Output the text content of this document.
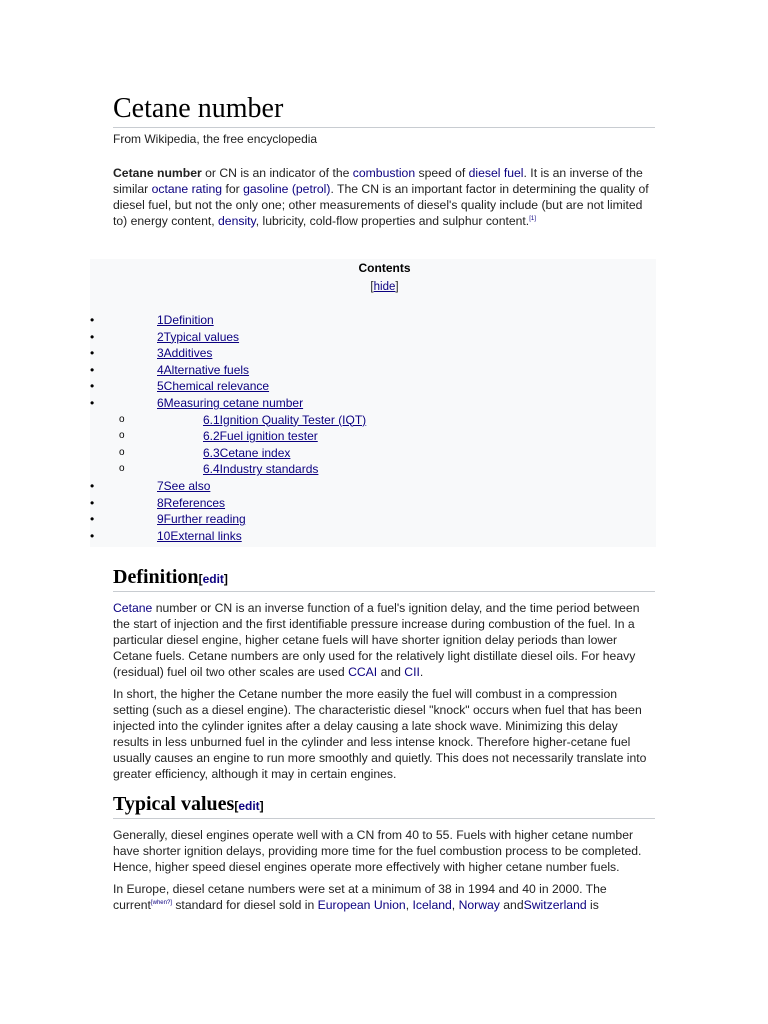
Cetane number
From Wikipedia, the free encyclopedia

Cetane number or CN is an indicator of the combustion speed of diesel fuel. It is an inverse of the similar octane rating for gasoline (petrol). The CN is an important factor in determining the quality of diesel fuel, but not the only one; other measurements of diesel's quality include (but are not limited to) energy content, density, lubricity, cold-flow properties and sulphur content.[1]

Contents
[hide]
•	1Definition
•	2Typical values
•	3Additives
•	4Alternative fuels
•	5Chemical relevance
•	6Measuring cetane number
o	6.1Ignition Quality Tester (IQT)
o	6.2Fuel ignition tester
o	6.3Cetane index
o	6.4Industry standards
•	7See also
•	8References
•	9Further reading
•	10External links
Definition[edit]

Cetane number or CN is an inverse function of a fuel's ignition delay, and the time period between the start of injection and the first identifiable pressure increase during combustion of the fuel. In a particular diesel engine, higher cetane fuels will have shorter ignition delay periods than lower Cetane fuels. Cetane numbers are only used for the relatively light distillate diesel oils. For heavy (residual) fuel oil two other scales are used CCAI and CII.

In short, the higher the Cetane number the more easily the fuel will combust in a compression setting (such as a diesel engine). The characteristic diesel "knock" occurs when fuel that has been injected into the cylinder ignites after a delay causing a late shock wave. Minimizing this delay results in less unburned fuel in the cylinder and less intense knock. Therefore higher-cetane fuel usually causes an engine to run more smoothly and quietly. This does not necessarily translate into greater efficiency, although it may in certain engines.

Typical values[edit]

Generally, diesel engines operate well with a CN from 40 to 55. Fuels with higher cetane number have shorter ignition delays, providing more time for the fuel combustion process to be completed. Hence, higher speed diesel engines operate more effectively with higher cetane number fuels.

In Europe, diesel cetane numbers were set at a minimum of 38 in 1994 and 40 in 2000. The current[when?] standard for diesel sold in European Union, Iceland, Norway andSwitzerland is
